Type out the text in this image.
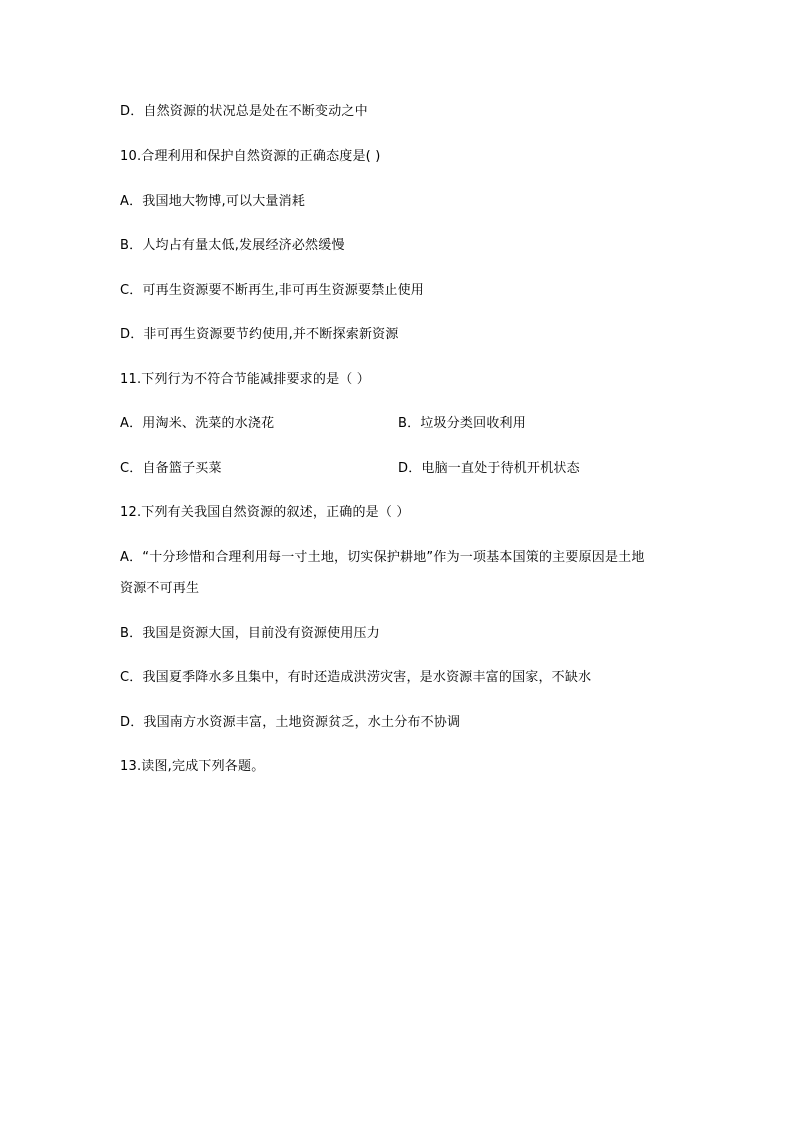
D．自然资源的状况总是处在不断变动之中
10.合理利用和保护自然资源的正确态度是( )
A．我国地大物博,可以大量消耗
B．人均占有量太低,发展经济必然缓慢
C．可再生资源要不断再生,非可再生资源要禁止使用
D．非可再生资源要节约使用,并不断探索新资源
11.下列行为不符合节能减排要求的是（ ）
A．用淘米、洗菜的水浇花	B．垃圾分类回收利用
C．自备篮子买菜	D．电脑一直处于待机开机状态
12.下列有关我国自然资源的叙述，正确的是（ ）
A．“十分珍惜和合理利用每一寸土地，切实保护耕地”作为一项基本国策的主要原因是土地
资源不可再生
B．我国是资源大国，目前没有资源使用压力
C．我国夏季降水多且集中，有时还造成洪涝灾害，是水资源丰富的国家，不缺水
D．我国南方水资源丰富，土地资源贫乏，水土分布不协调
13.读图,完成下列各题。
